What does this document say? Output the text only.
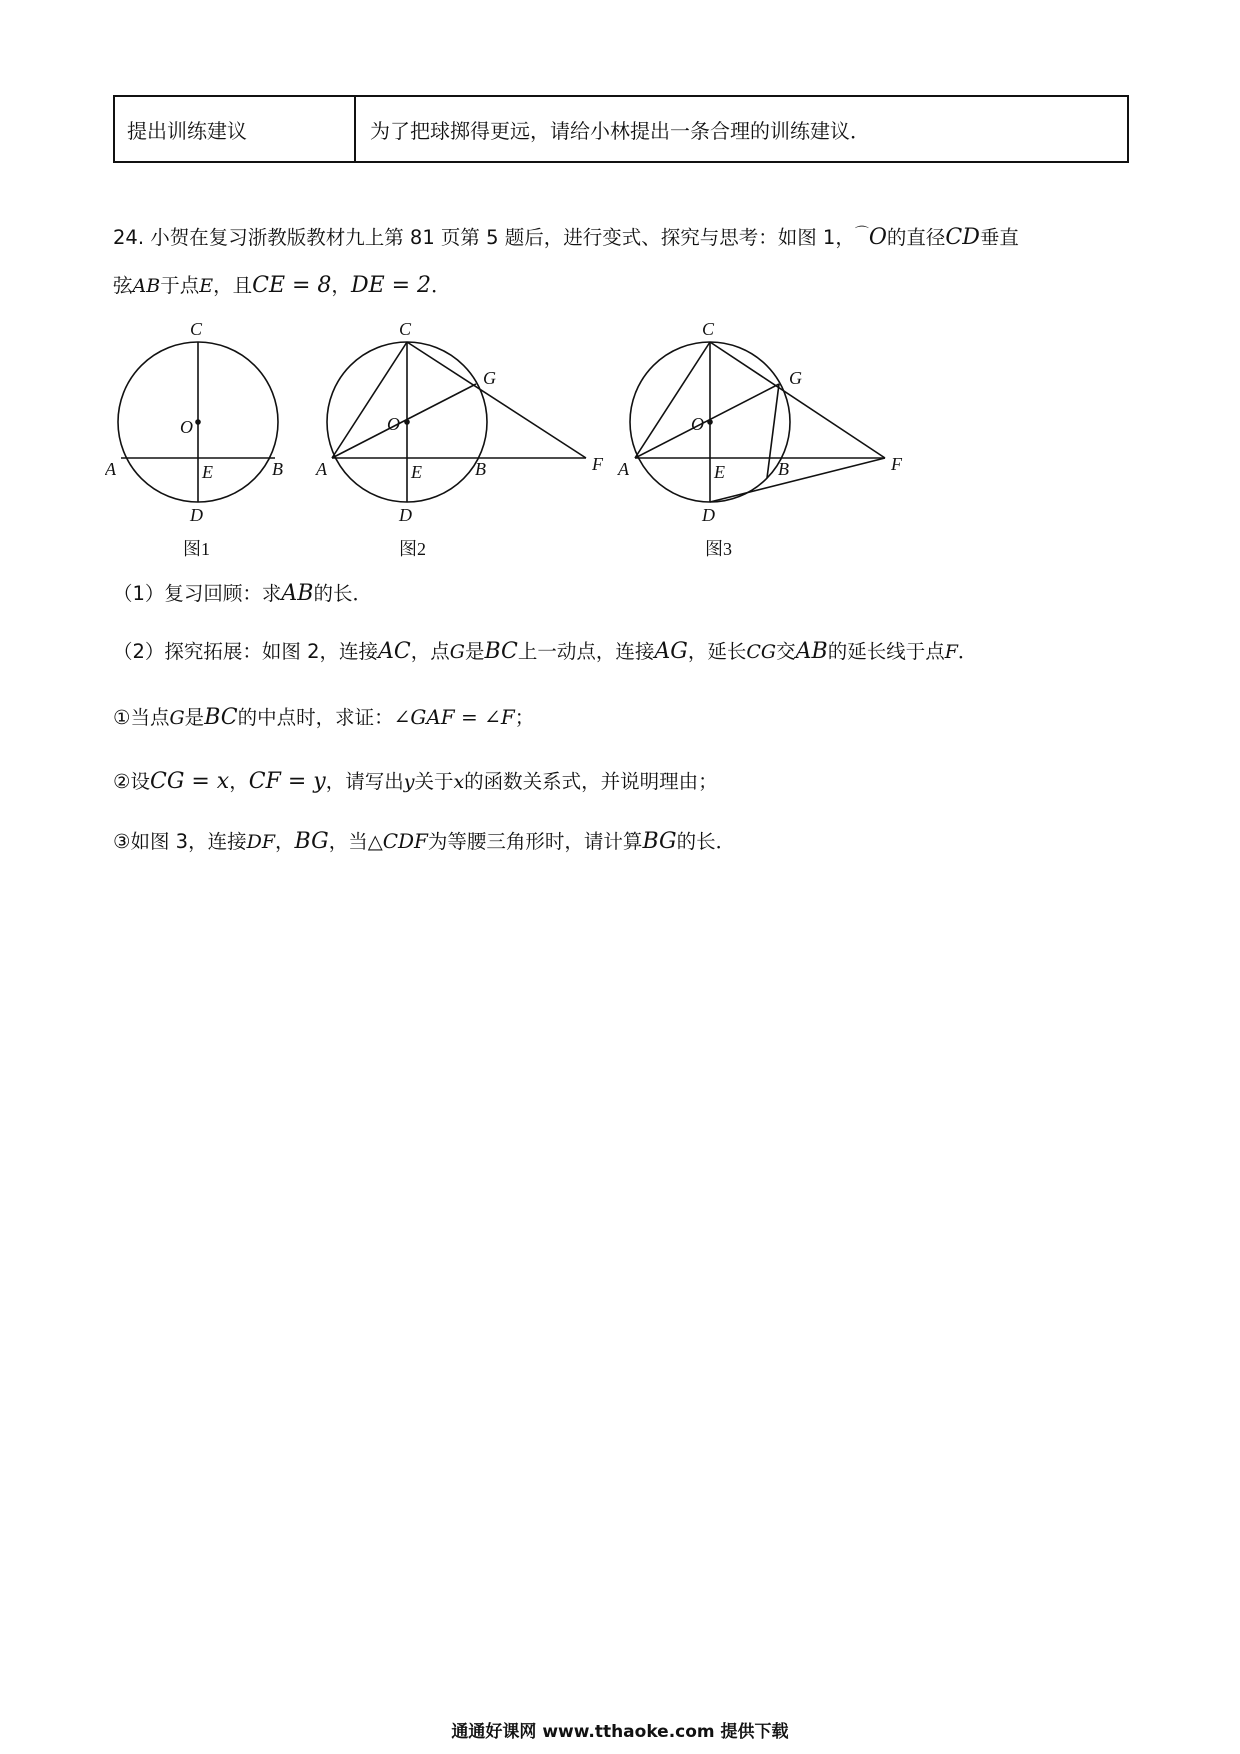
提出训练建议	为了把球掷得更远，请给小林提出一条合理的训练建议．
24. 小贺在复习浙教版教材九上第 81 页第 5 题后，进行变式、探究与思考：如图 1，⌒O的直径CD垂直
弦AB于点E，且CE = 8，DE = 2．
C
O
A	E	B
D
图1
C
O
G
A	E	B	F
D
图2
C
O
G
A	E	B	F
D
图3
（1）复习回顾：求AB的长．
（2）探究拓展：如图 2，连接AC，点G是BC上一动点，连接AG，延长CG交AB的延长线于点F．
①当点G是BC的中点时，求证：∠GAF = ∠F；
②设CG = x，CF = y，请写出y关于x的函数关系式，并说明理由；
③如图 3，连接DF，BG，当△CDF为等腰三角形时，请计算BG的长．
通通好课网 www.tthaoke.com 提供下载
